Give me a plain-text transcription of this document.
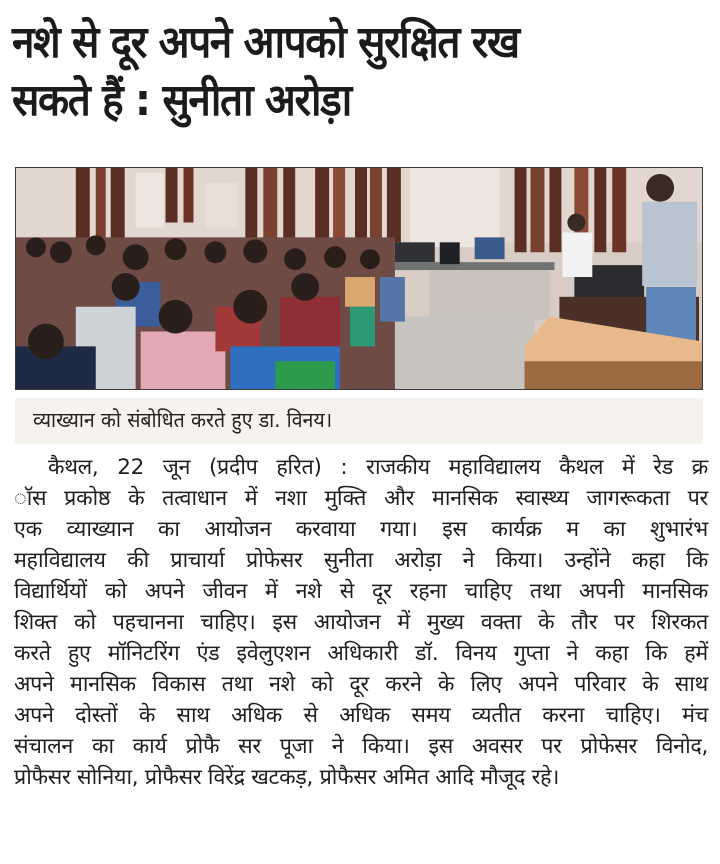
नशे से दूर अपने आपको सुरक्षित रख
सकते हैं : सुनीता अरोड़ा
व्याख्यान को संबोधित करते हुए डा. विनय।
कैथल, 22 जून (प्रदीप हरित) : राजकीय महाविद्यालय कैथल में रेड क्र
ॉस प्रकोष्ठ के तत्वाधान में नशा मुक्ति और मानसिक स्वास्थ्य जागरूकता पर
एक व्याख्यान का आयोजन करवाया गया। इस कार्यक्र म का शुभारंभ
महाविद्यालय की प्राचार्या प्रोफेसर सुनीता अरोड़ा ने किया। उन्होंने कहा कि
विद्यार्थियों को अपने जीवन में नशे से दूर रहना चाहिए तथा अपनी मानसिक
शिक्त को पहचानना चाहिए। इस आयोजन में मुख्य वक्ता के तौर पर शिरकत
करते हुए मॉनिटरिंग एंड इवेलुएशन अधिकारी डॉ. विनय गुप्ता ने कहा कि हमें
अपने मानसिक विकास तथा नशे को दूर करने के लिए अपने परिवार के साथ
अपने दोस्तों के साथ अधिक से अधिक समय व्यतीत करना चाहिए। मंच
संचालन का कार्य प्रोफै सर पूजा ने किया। इस अवसर पर प्रोफेसर विनोद,
प्रोफैसर सोनिया, प्रोफैसर विरेंद्र खटकड़, प्रोफैसर अमित आदि मौजूद रहे।
